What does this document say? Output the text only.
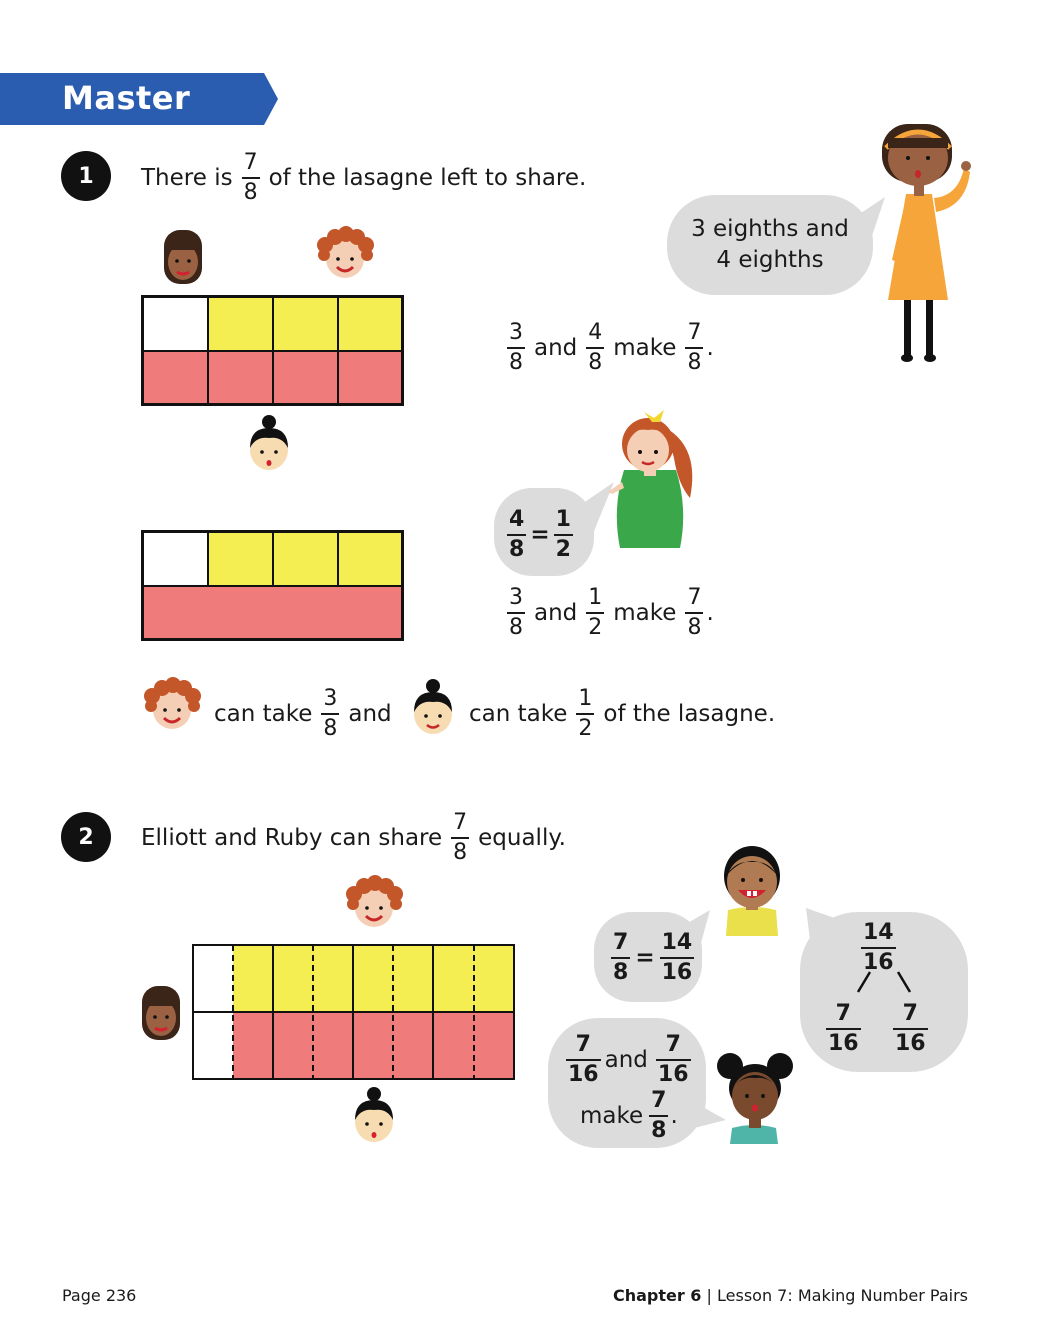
Master
1	There is $\frac{7}{8}$ of the lasagne left to share.
3 eighths and
4 eighths
$\frac{3}{8}$ and $\frac{4}{8}$ make $\frac{7}{8}$ .
$\frac{4}{8} = \frac{1}{2}$
$\frac{3}{8}$ and $\frac{1}{2}$ make $\frac{7}{8}$ .
can take $\frac{3}{8}$ and	can take $\frac{1}{2}$ of the lasagne.
2	Elliott and Ruby can share $\frac{7}{8}$ equally.
$\frac{7}{8} = \frac{14}{16}$	$\frac{14}{16}$
$\frac{7}{16} \frac{7}{16}$
$\frac{7}{16}$ and $\frac{7}{16}$
make $\frac{7}{8}$ .
Page 236	Chapter 6 | Lesson 7: Making Number Pairs
